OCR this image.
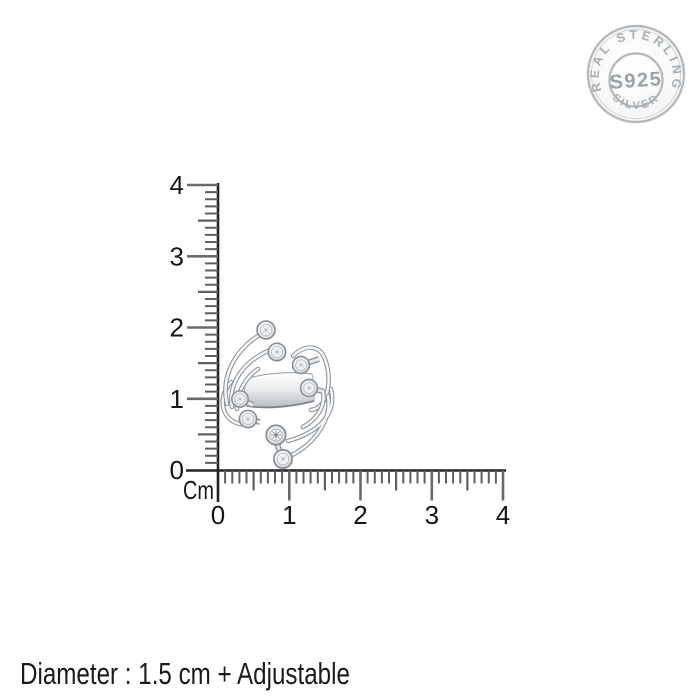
REAL STERLING
SILVER
S925
4
3
2
1
0
Cm
0 1 2 3 4
Diameter : 1.5 cm + Adjustable
